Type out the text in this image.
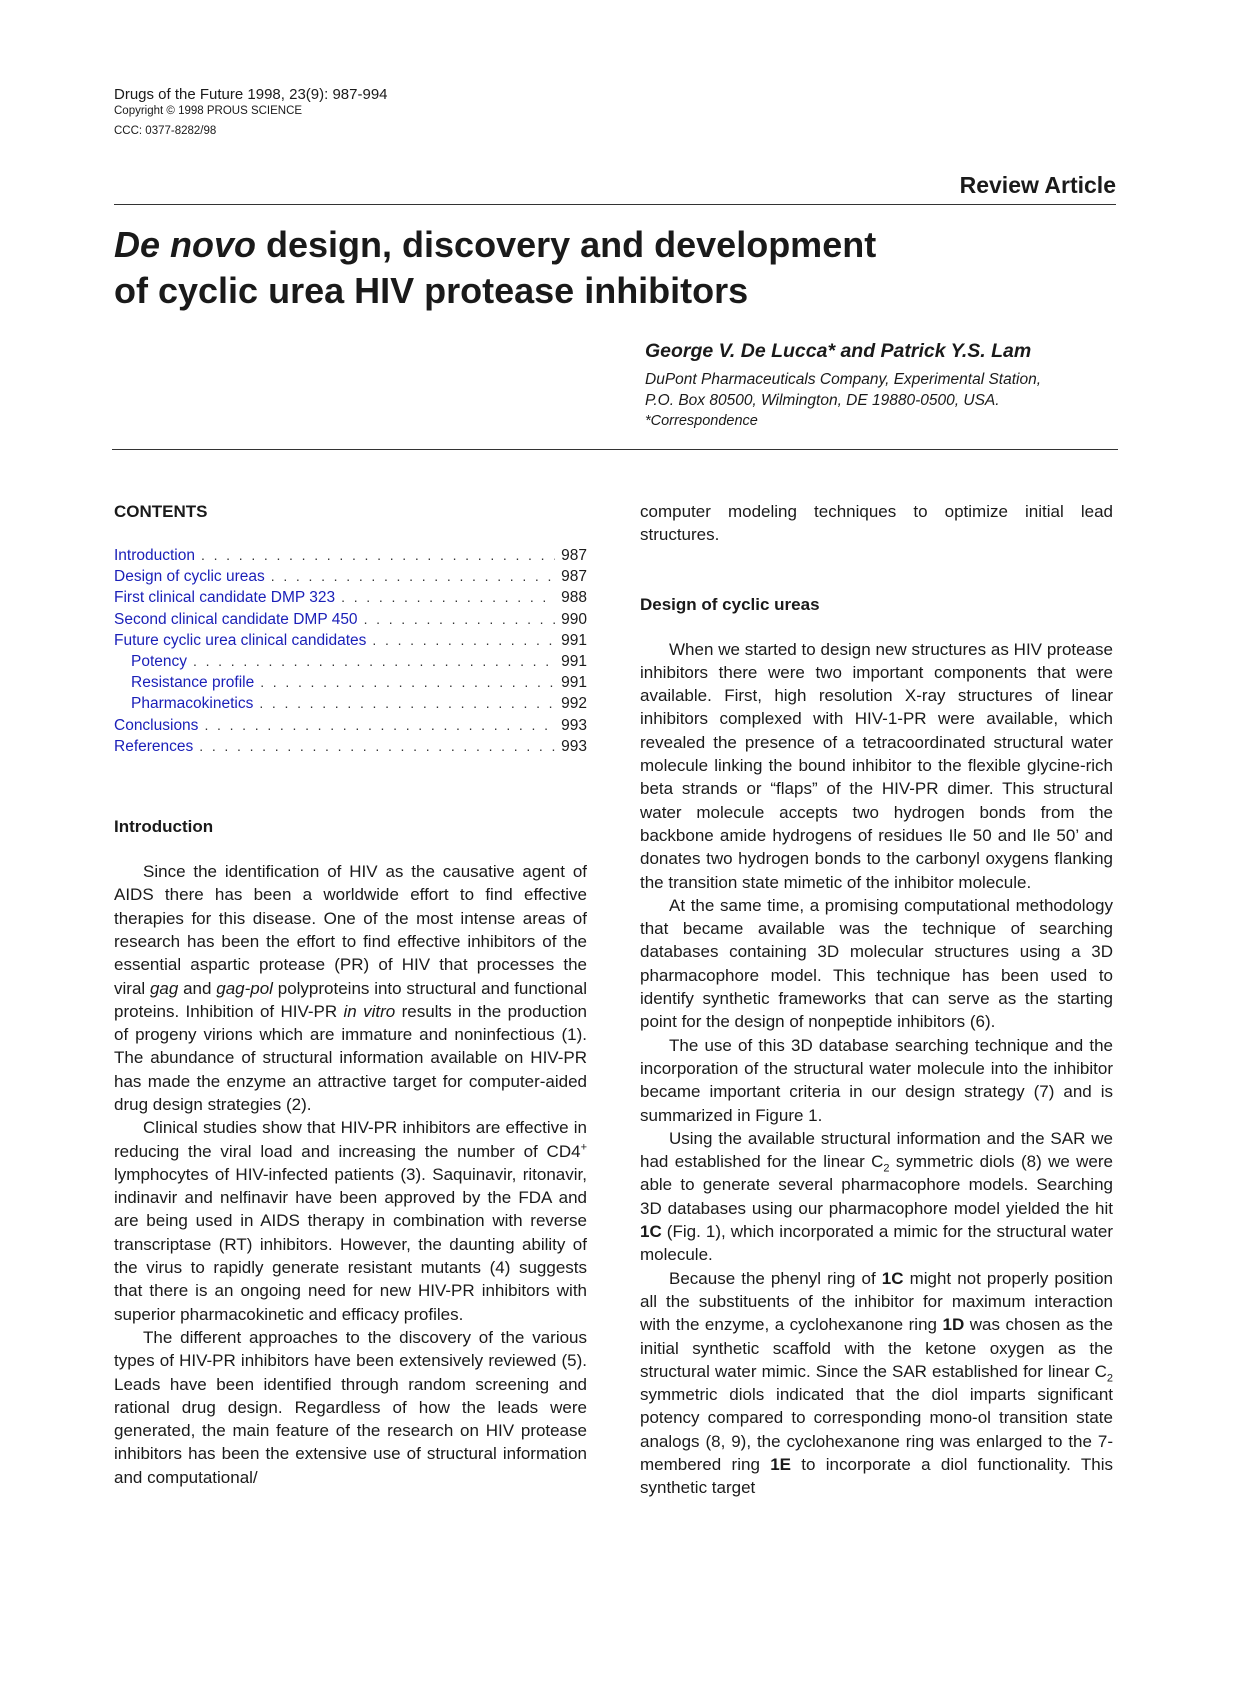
Drugs of the Future 1998, 23(9): 987-994
Copyright © 1998 PROUS SCIENCE
CCC: 0377-8282/98
Review Article
De novo design, discovery and development
of cyclic urea HIV protease inhibitors
George V. De Lucca* and Patrick Y.S. Lam
DuPont Pharmaceuticals Company, Experimental Station,
P.O. Box 80500, Wilmington, DE 19880-0500, USA.
*Correspondence
CONTENTS
Introduction . . .	987
Design of cyclic ureas . . .	987
First clinical candidate DMP 323 . . .	988
Second clinical candidate DMP 450 . . .	990
Future cyclic urea clinical candidates . . .	991
Potency . . .	991
Resistance profile . . .	991
Pharmacokinetics . . .	992
Conclusions . . .	993
References . . .	993
Introduction

Since the identification of HIV as the causative agent of AIDS there has been a worldwide effort to find effective therapies for this disease. One of the most intense areas of research has been the effort to find effective inhibitors of the essential aspartic protease (PR) of HIV that processes the viral gag and gag-pol polyproteins into structural and functional proteins. Inhibition of HIV-PR in vitro results in the production of progeny virions which are immature and noninfectious (1). The abundance of structural information available on HIV-PR has made the enzyme an attractive target for computer-aided drug design strategies (2).

Clinical studies show that HIV-PR inhibitors are effective in reducing the viral load and increasing the number of CD4+ lymphocytes of HIV-infected patients (3). Saquinavir, ritonavir, indinavir and nelfinavir have been approved by the FDA and are being used in AIDS therapy in combination with reverse transcriptase (RT) inhibitors. However, the daunting ability of the virus to rapidly generate resistant mutants (4) suggests that there is an ongoing need for new HIV-PR inhibitors with superior pharmacokinetic and efficacy profiles.

The different approaches to the discovery of the various types of HIV-PR inhibitors have been extensively reviewed (5). Leads have been identified through random screening and rational drug design. Regardless of how the leads were generated, the main feature of the research on HIV protease inhibitors has been the extensive use of structural information and computational/

computer modeling techniques to optimize initial lead structures.

Design of cyclic ureas

When we started to design new structures as HIV protease inhibitors there were two important components that were available. First, high resolution X-ray structures of linear inhibitors complexed with HIV-1-PR were available, which revealed the presence of a tetracoordinated structural water molecule linking the bound inhibitor to the flexible glycine-rich beta strands or “flaps” of the HIV-PR dimer. This structural water molecule accepts two hydrogen bonds from the backbone amide hydrogens of residues Ile 50 and Ile 50’ and donates two hydrogen bonds to the carbonyl oxygens flanking the transition state mimetic of the inhibitor molecule.

At the same time, a promising computational methodology that became available was the technique of searching databases containing 3D molecular structures using a 3D pharmacophore model. This technique has been used to identify synthetic frameworks that can serve as the starting point for the design of nonpeptide inhibitors (6).

The use of this 3D database searching technique and the incorporation of the structural water molecule into the inhibitor became important criteria in our design strategy (7) and is summarized in Figure 1.

Using the available structural information and the SAR we had established for the linear $C_2$ symmetric diols (8) we were able to generate several pharmacophore models. Searching 3D databases using our pharmacophore model yielded the hit 1C (Fig. 1), which incorporated a mimic for the structural water molecule.

Because the phenyl ring of 1C might not properly position all the substituents of the inhibitor for maximum interaction with the enzyme, a cyclohexanone ring 1D was chosen as the initial synthetic scaffold with the ketone oxygen as the structural water mimic. Since the SAR established for linear $C_2$ symmetric diols indicated that the diol imparts significant potency compared to corresponding mono-ol transition state analogs (8, 9), the cyclohexanone ring was enlarged to the 7-membered ring 1E to incorporate a diol functionality. This synthetic target
